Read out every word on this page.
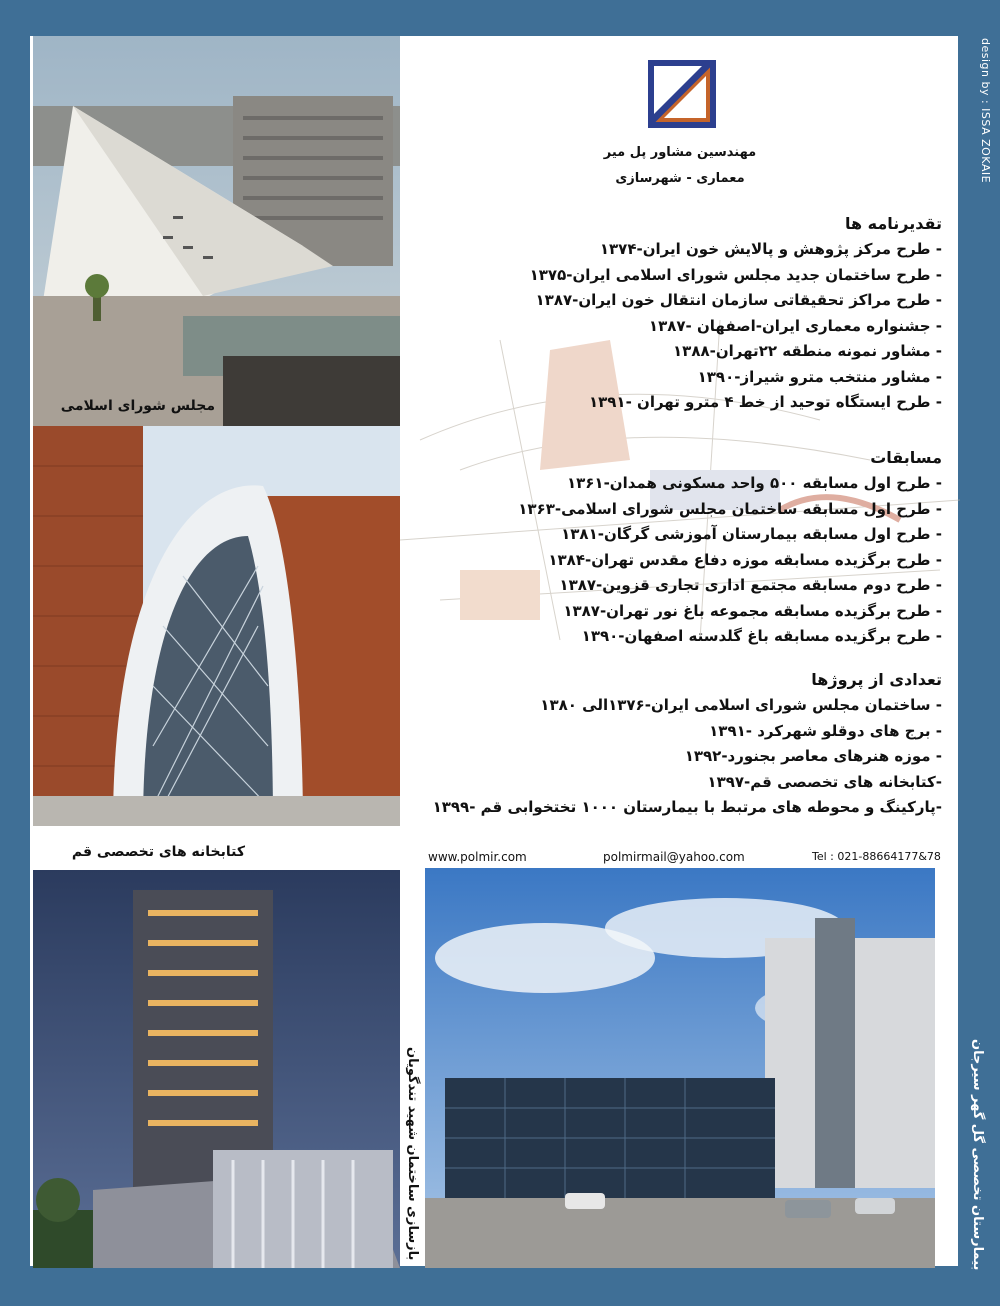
design by : ISSA ZOKAIE
مجلس شورای اسلامی
کتابخانه های تخصصی قم
بازسازی ساختمان شهید تندگویان	بیمارستان تخصصی گل گهر سیرجان
مهندسین مشاور پل میر
معماری - شهرسازی
تقدیرنامه ها
- طرح مرکز پژوهش و پالایش خون ایران-۱۳۷۴
- طرح ساختمان جدید مجلس شورای اسلامی ایران-۱۳۷۵
- طرح مراکز تحقیقاتی سازمان انتقال خون ایران-۱۳۸۷
- جشنواره معماری ایران-اصفهان -۱۳۸۷
- مشاور نمونه منطقه ۲۲تهران-۱۳۸۸
- مشاور منتخب مترو شیراز-۱۳۹۰
- طرح ایستگاه توحید از خط ۴ مترو تهران -۱۳۹۱
مسابقات
- طرح اول مسابقه ۵۰۰ واحد مسکونی همدان-۱۳۶۱
- طرح اول مسابقه ساختمان مجلس شورای اسلامی-۱۳۶۳
- طرح اول مسابقه بیمارستان آموزشی گرگان-۱۳۸۱
- طرح برگزیده مسابقه موزه دفاع مقدس تهران-۱۳۸۴
- طرح دوم مسابقه مجتمع اداری تجاری قزوین-۱۳۸۷
- طرح برگزیده مسابقه مجموعه باغ نور تهران-۱۳۸۷
- طرح برگزیده مسابقه باغ گلدسته اصفهان-۱۳۹۰
تعدادی از پروژها
- ساختمان مجلس شورای اسلامی ایران-۱۳۷۶الی ۱۳۸۰
- برج های دوقلو شهرکرد -۱۳۹۱
- موزه هنرهای معاصر بجنورد-۱۳۹۲
-کتابخانه های تخصصی قم-۱۳۹۷
-پارکینگ و محوطه های مرتبط با بیمارستان ۱۰۰۰ تختخوابی قم -۱۳۹۹
www.polmir.com	polmirmail@yahoo.com	Tel : 021-88664177&78
